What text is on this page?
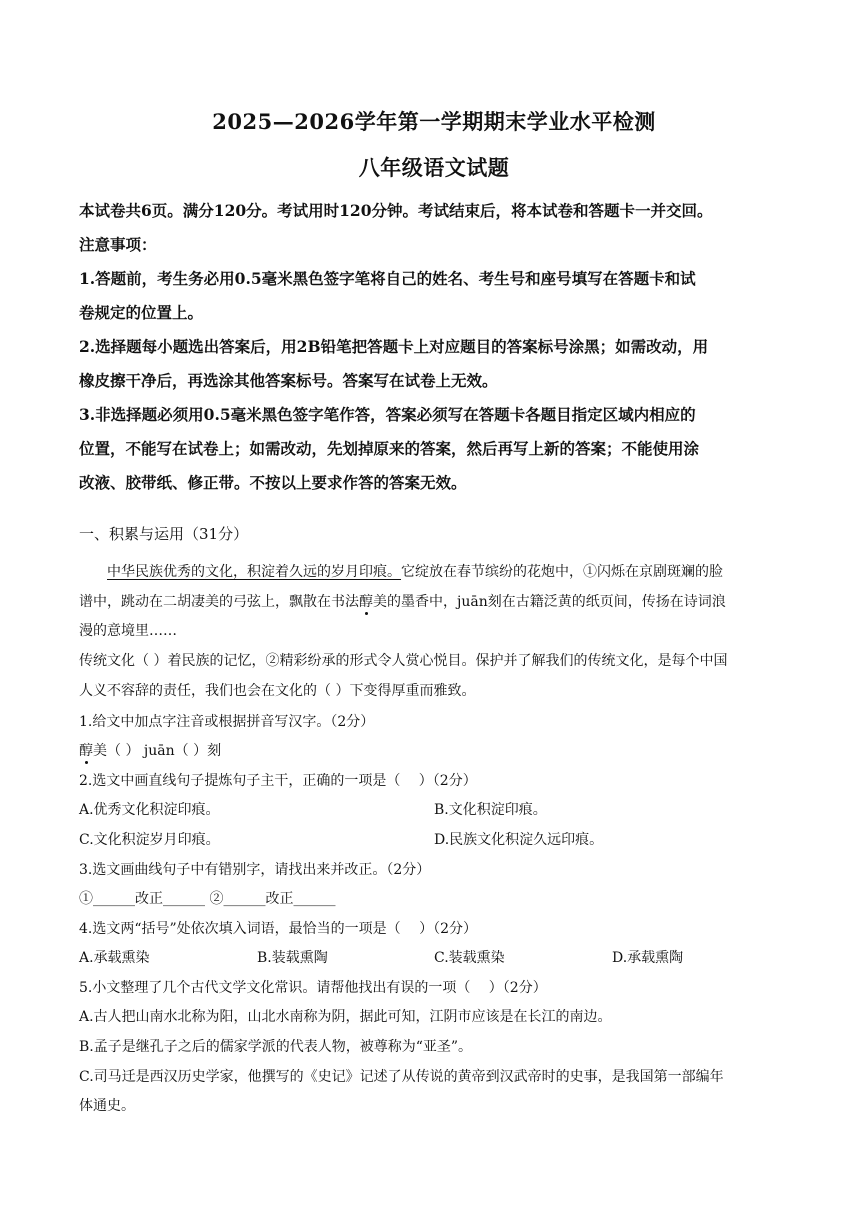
2025—2026学年第一学期期末学业水平检测
八年级语文试题
本试卷共6页。满分120分。考试用时120分钟。考试结束后，将本试卷和答题卡一并交回。
注意事项：
1.答题前，考生务必用0.5毫米黑色签字笔将自己的姓名、考生号和座号填写在答题卡和试
卷规定的位置上。
2.选择题每小题选出答案后，用2B铅笔把答题卡上对应题目的答案标号涂黑；如需改动，用
橡皮擦干净后，再选涂其他答案标号。答案写在试卷上无效。
3.非选择题必须用0.5毫米黑色签字笔作答，答案必须写在答题卡各题目指定区域内相应的
位置，不能写在试卷上；如需改动，先划掉原来的答案，然后再写上新的答案；不能使用涂
改液、胶带纸、修正带。不按以上要求作答的答案无效。
一、积累与运用（31分）
中华民族优秀的文化，积淀着久远的岁月印痕。它绽放在春节缤纷的花炮中，①闪烁在京剧斑斓的脸
谱中，跳动在二胡凄美的弓弦上，飘散在书法醇美的墨香中，juān刻在古籍泛黄的纸页间，传扬在诗词浪
漫的意境里……
传统文化（ ）着民族的记忆，②精彩纷承的形式令人赏心悦目。保护并了解我们的传统文化，是每个中国
人义不容辞的责任，我们也会在文化的（ ）下变得厚重而雅致。
1.给文中加点字注音或根据拼音写汉字。（2分）
醇美（ ） juān（ ）刻
2.选文中画直线句子提炼句子主干，正确的一项是（　 ）（2分）
A.优秀文化积淀印痕。	B.文化积淀印痕。
C.文化积淀岁月印痕。	D.民族文化积淀久远印痕。
3.选文画曲线句子中有错别字，请找出来并改正。（2分）
①______改正______ ②______改正______
4.选文两“括号”处依次填入词语，最恰当的一项是（　 ）（2分）
A.承载熏染	B.装载熏陶	C.装载熏染	D.承载熏陶
5.小文整理了几个古代文学文化常识。请帮他找出有误的一项（　 ）（2分）
A.古人把山南水北称为阳，山北水南称为阴，据此可知，江阴市应该是在长江的南边。
B.孟子是继孔子之后的儒家学派的代表人物，被尊称为“亚圣”。
C.司马迁是西汉历史学家，他撰写的《史记》记述了从传说的黄帝到汉武帝时的史事，是我国第一部编年
体通史。
